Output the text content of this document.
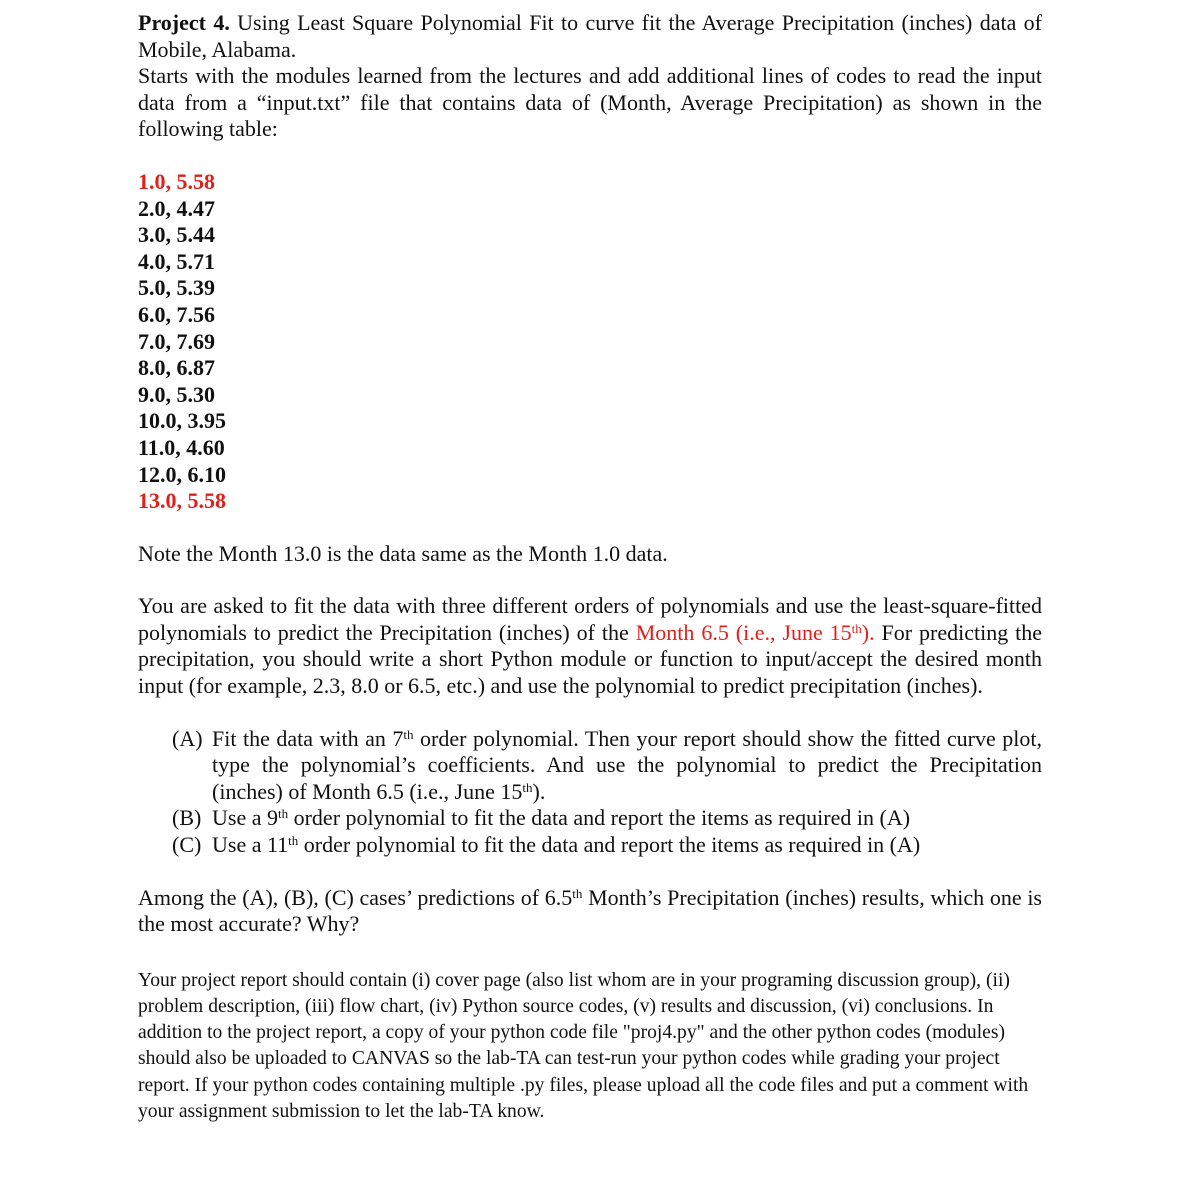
Project 4. Using Least Square Polynomial Fit to curve fit the Average Precipitation (inches) data of Mobile, Alabama.

Starts with the modules learned from the lectures and add additional lines of codes to read the input data from a “input.txt” file that contains data of (Month, Average Precipitation) as shown in the following table:

1.0, 5.58
2.0, 4.47
3.0, 5.44
4.0, 5.71
5.0, 5.39
6.0, 7.56
7.0, 7.69
8.0, 6.87
9.0, 5.30
10.0, 3.95
11.0, 4.60
12.0, 6.10
13.0, 5.58

Note the Month 13.0 is the data same as the Month 1.0 data.

You are asked to fit the data with three different orders of polynomials and use the least-square-fitted polynomials to predict the Precipitation (inches) of the Month 6.5 (i.e., June 15th). For predicting the precipitation, you should write a short Python module or function to input/accept the desired month input (for example, 2.3, 8.0 or 6.5, etc.) and use the polynomial to predict precipitation (inches).

(A) Fit the data with an 7th order polynomial. Then your report should show the fitted curve plot, type the polynomial’s coefficients. And use the polynomial to predict the Precipitation (inches) of Month 6.5 (i.e., June 15th).
(B) Use a 9th order polynomial to fit the data and report the items as required in (A)
(C) Use a 11th order polynomial to fit the data and report the items as required in (A)

Among the (A), (B), (C) cases’ predictions of 6.5th Month’s Precipitation (inches) results, which one is the most accurate? Why?

Your project report should contain (i) cover page (also list whom are in your programing discussion group), (ii) problem description, (iii) flow chart, (iv) Python source codes, (v) results and discussion, (vi) conclusions. In addition to the project report, a copy of your python code file "proj4.py" and the other python codes (modules) should also be uploaded to CANVAS so the lab-TA can test-run your python codes while grading your project report. If your python codes containing multiple .py files, please upload all the code files and put a comment with your assignment submission to let the lab-TA know.
